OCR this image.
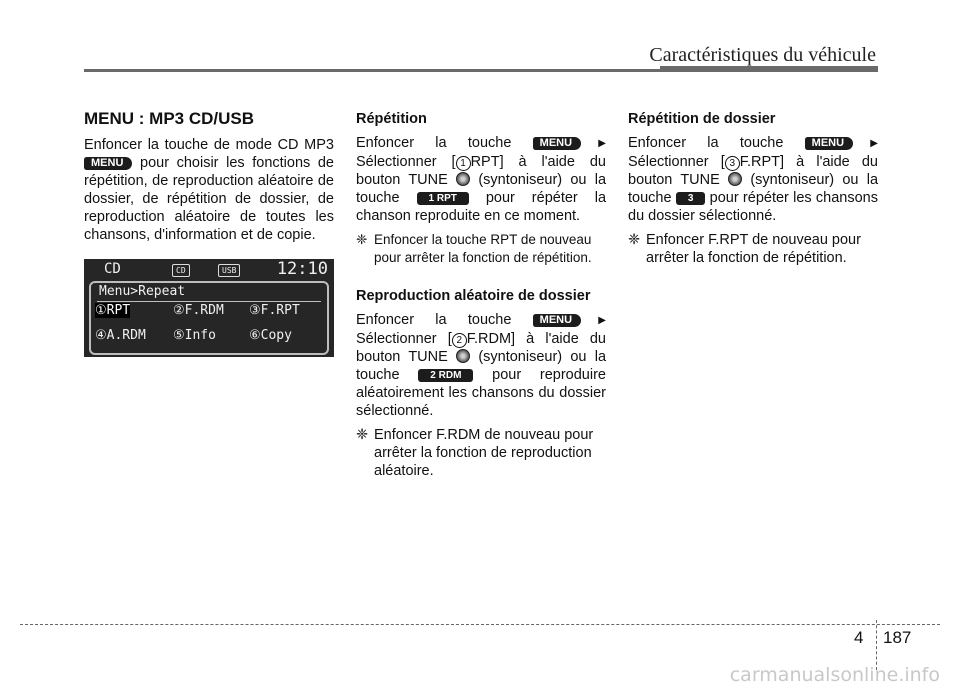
Caractéristiques du véhicule
MENU : MP3 CD/USB

Enfoncer la touche de mode CD MP3 MENU pour choisir les fonctions de répétition, de reproduction aléatoire de dossier, de répétition de dossier, de reproduction aléatoire de toutes les chansons, d'information et de copie.

CD	CD	USB 12:10
Menu>Repeat
①RPT	②F.RDM ③F.RPT
④A.RDM ⑤Info	⑥Copy
Répétition

Enfoncer la touche	MENU ▶ Sélectionner [ 1 RPT] à l'aide du bouton TUNE (syntoniseur) ou la touche	1 RPT pour répéter la chanson reproduite en ce moment.

❈ Enfoncer la touche RPT de nouveau pour arrêter la fonction de répétition.
Reproduction aléatoire de dossier

Enfoncer la touche	MENU ▶ Sélectionner [ 2 F.RDM] à l'aide du bouton TUNE (syntoniseur) ou la touche	2 RDM pour reproduire aléatoirement les chansons du dossier sélectionné.

❈ Enfoncer F.RDM de nouveau pour arrêter la fonction de reproduction aléatoire.
Répétition de dossier

Enfoncer la touche	MENU ▶ Sélectionner [ 3 F.RPT] à l'aide du bouton TUNE (syntoniseur) ou la touche 3 pour répéter les chansons du dossier sélectionné.

❈ Enfoncer F.RPT de nouveau pour arrêter la fonction de répétition.
4 187
carmanualsonline.info
